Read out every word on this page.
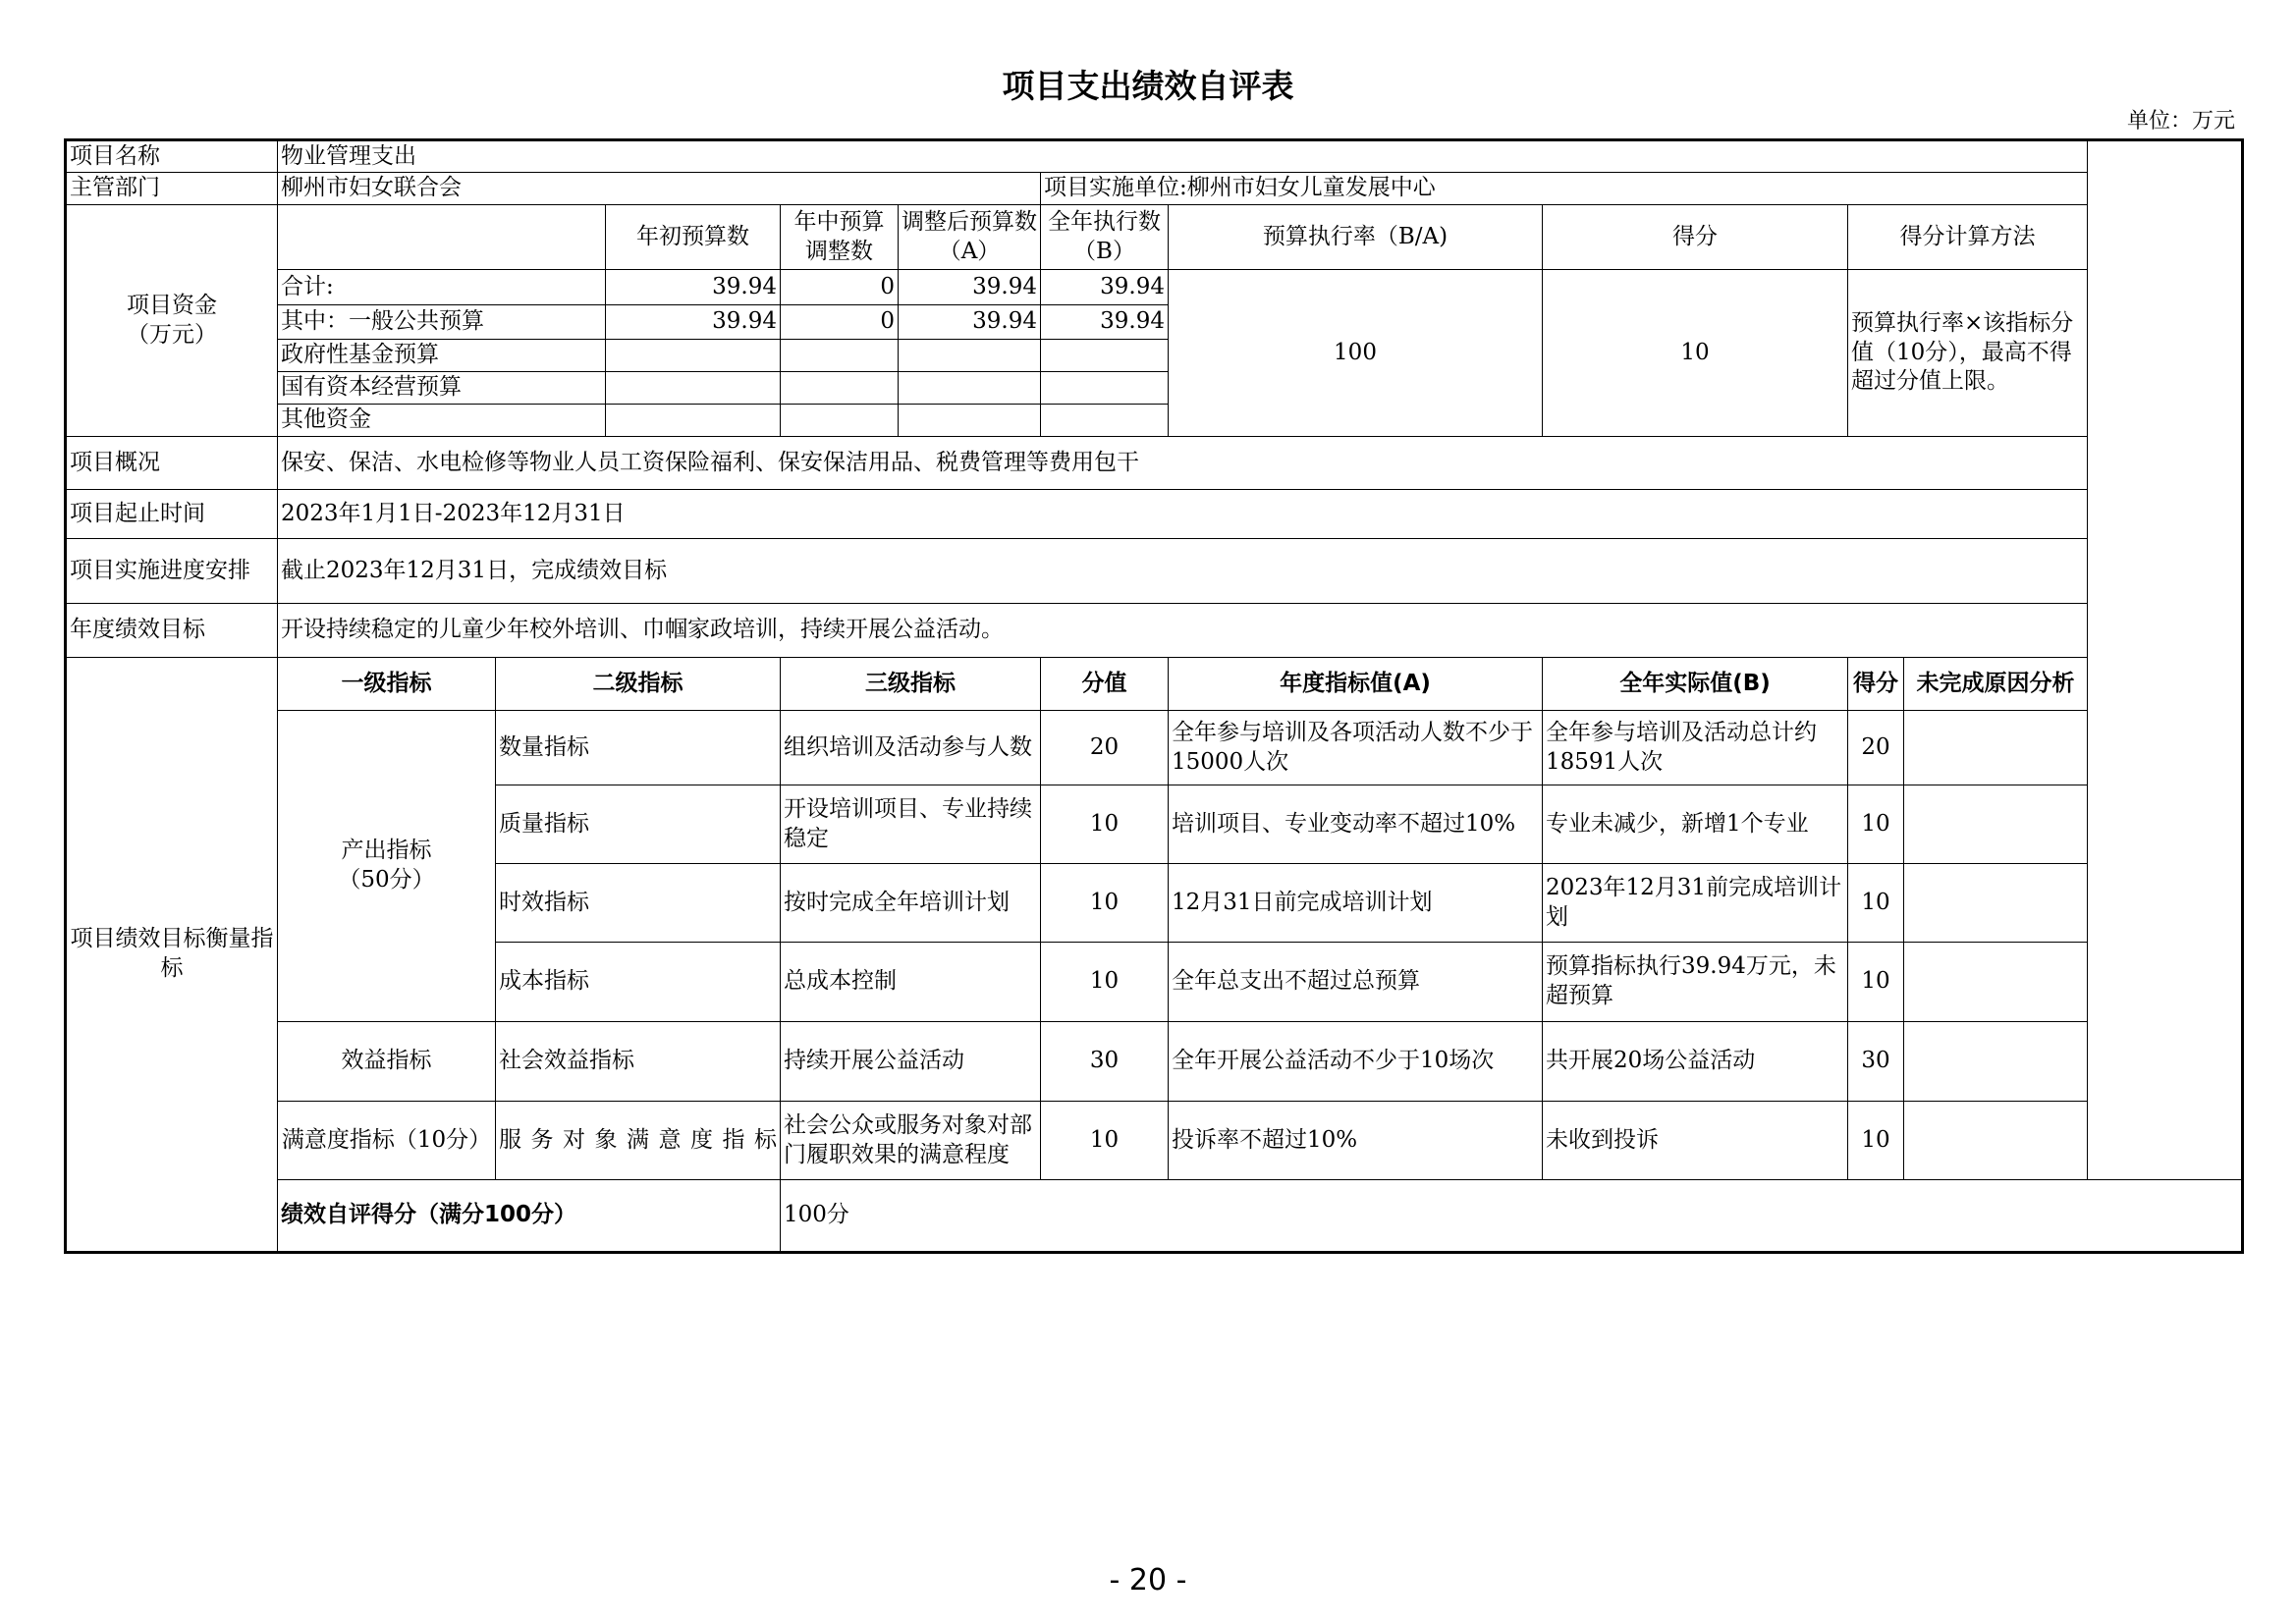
项目支出绩效自评表
单位：万元
项目名称	物业管理支出									
主管部门	柳州市妇女联合会					项目实施单位:柳州市妇女儿童发展中心				
项目资金
（万元）			年初预算数	年中预算调整数	调整后预算数（A）	全年执行数（B）	预算执行率（B/A)	得分	得分计算方法	
	合计:		39.94	0	39.94	39.94	100	10	预算执行率×该指标分值（10分），最高不得超过分值上限。	
	其中：一般公共预算		39.94	0	39.94	39.94				
	政府性基金预算									
	国有资本经营预算									
	其他资金									
项目概况	保安、保洁、水电检修等物业人员工资保险福利、保安保洁用品、税费管理等费用包干									
项目起止时间	2023年1月1日-2023年12月31日									
项目实施进度安排	截止2023年12月31日，完成绩效目标									
年度绩效目标	开设持续稳定的儿童少年校外培训、巾帼家政培训，持续开展公益活动。									
项目绩效目标衡量指标	一级指标	二级指标		三级指标		分值	年度指标值(A)	全年实际值(B)	得分	未完成原因分析
	产出指标
（50分）	数量指标		组织培训及活动参与人数		20	全年参与培训及各项活动人数不少于15000人次	全年参与培训及活动总计约18591人次	20	
		质量指标		开设培训项目、专业持续稳定		10	培训项目、专业变动率不超过10%	专业未减少，新增1个专业	10	
		时效指标		按时完成全年培训计划		10	12月31日前完成培训计划	2023年12月31前完成培训计划	10	
		成本指标		总成本控制		10	全年总支出不超过总预算	预算指标执行39.94万元，未超预算	10	
	效益指标	社会效益指标		持续开展公益活动		30	全年开展公益活动不少于10场次	共开展20场公益活动	30	
	满意度指标（10分）	服务对象满意度指标		社会公众或服务对象对部门履职效果的满意程度		10	投诉率不超过10%	未收到投诉	10	
	绩效自评得分（满分100分）			100分						
- 20 -
